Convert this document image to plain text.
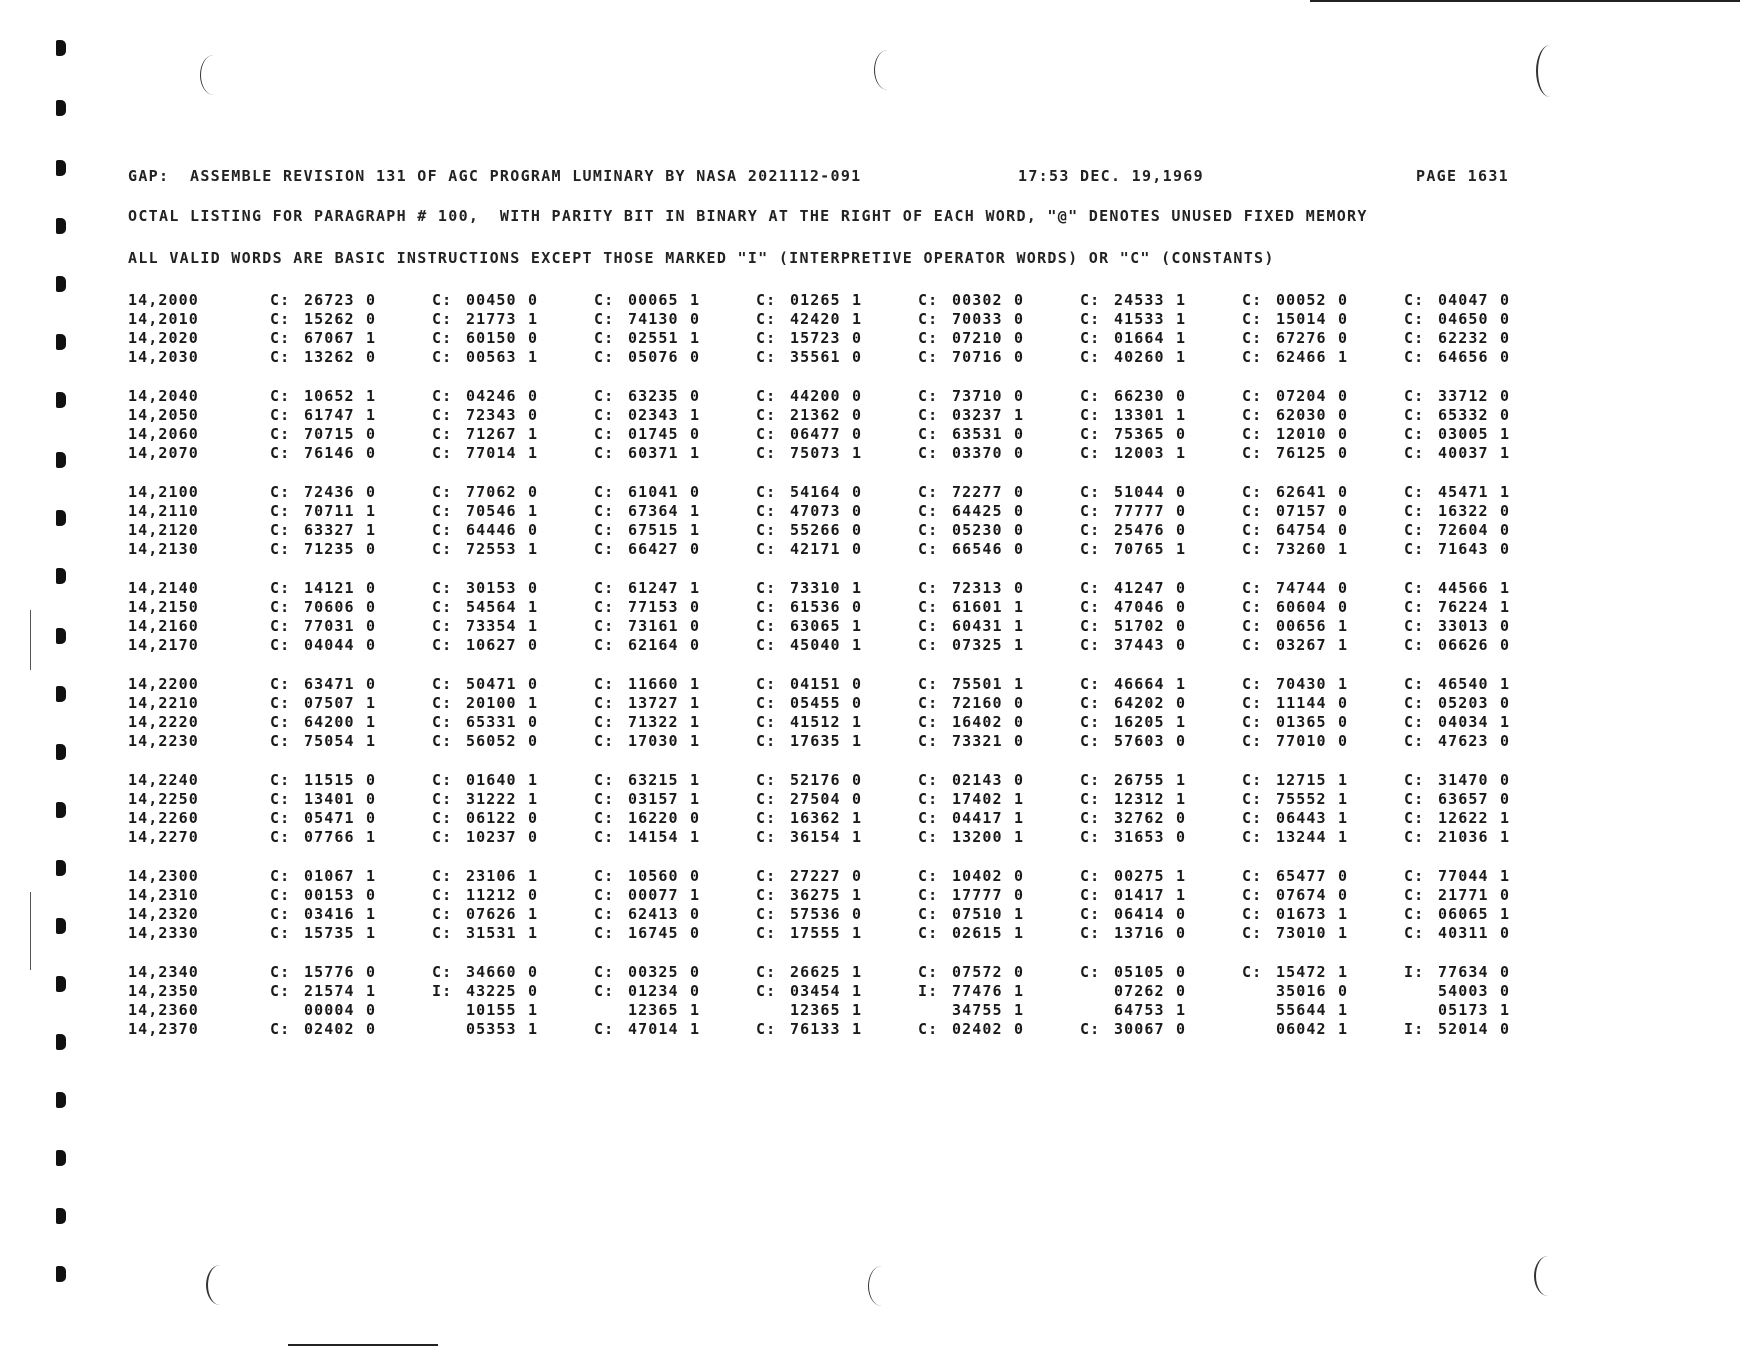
GAP:  ASSEMBLE REVISION 131 OF AGC PROGRAM LUMINARY BY NASA 2021112-091	17:53 DEC. 19,1969	PAGE 1631
OCTAL LISTING FOR PARAGRAPH # 100,  WITH PARITY BIT IN BINARY AT THE RIGHT OF EACH WORD, "@" DENOTES UNUSED FIXED MEMORY
ALL VALID WORDS ARE BASIC INSTRUCTIONS EXCEPT THOSE MARKED "I" (INTERPRETIVE OPERATOR WORDS) OR "C" (CONSTANTS)
14,2000	C: 26723 0	C: 00450 0	C: 00065 1	C: 01265 1	C: 00302 0	C: 24533 1	C: 00052 0	C: 04047 0
14,2010	C: 15262 0	C: 21773 1	C: 74130 0	C: 42420 1	C: 70033 0	C: 41533 1	C: 15014 0	C: 04650 0
14,2020	C: 67067 1	C: 60150 0	C: 02551 1	C: 15723 0	C: 07210 0	C: 01664 1	C: 67276 0	C: 62232 0
14,2030	C: 13262 0	C: 00563 1	C: 05076 0	C: 35561 0	C: 70716 0	C: 40260 1	C: 62466 1	C: 64656 0
14,2040	C: 10652 1	C: 04246 0	C: 63235 0	C: 44200 0	C: 73710 0	C: 66230 0	C: 07204 0	C: 33712 0
14,2050	C: 61747 1	C: 72343 0	C: 02343 1	C: 21362 0	C: 03237 1	C: 13301 1	C: 62030 0	C: 65332 0
14,2060	C: 70715 0	C: 71267 1	C: 01745 0	C: 06477 0	C: 63531 0	C: 75365 0	C: 12010 0	C: 03005 1
14,2070	C: 76146 0	C: 77014 1	C: 60371 1	C: 75073 1	C: 03370 0	C: 12003 1	C: 76125 0	C: 40037 1
14,2100	C: 72436 0	C: 77062 0	C: 61041 0	C: 54164 0	C: 72277 0	C: 51044 0	C: 62641 0	C: 45471 1
14,2110	C: 70711 1	C: 70546 1	C: 67364 1	C: 47073 0	C: 64425 0	C: 77777 0	C: 07157 0	C: 16322 0
14,2120	C: 63327 1	C: 64446 0	C: 67515 1	C: 55266 0	C: 05230 0	C: 25476 0	C: 64754 0	C: 72604 0
14,2130	C: 71235 0	C: 72553 1	C: 66427 0	C: 42171 0	C: 66546 0	C: 70765 1	C: 73260 1	C: 71643 0
14,2140	C: 14121 0	C: 30153 0	C: 61247 1	C: 73310 1	C: 72313 0	C: 41247 0	C: 74744 0	C: 44566 1
14,2150	C: 70606 0	C: 54564 1	C: 77153 0	C: 61536 0	C: 61601 1	C: 47046 0	C: 60604 0	C: 76224 1
14,2160	C: 77031 0	C: 73354 1	C: 73161 0	C: 63065 1	C: 60431 1	C: 51702 0	C: 00656 1	C: 33013 0
14,2170	C: 04044 0	C: 10627 0	C: 62164 0	C: 45040 1	C: 07325 1	C: 37443 0	C: 03267 1	C: 06626 0
14,2200	C: 63471 0	C: 50471 0	C: 11660 1	C: 04151 0	C: 75501 1	C: 46664 1	C: 70430 1	C: 46540 1
14,2210	C: 07507 1	C: 20100 1	C: 13727 1	C: 05455 0	C: 72160 0	C: 64202 0	C: 11144 0	C: 05203 0
14,2220	C: 64200 1	C: 65331 0	C: 71322 1	C: 41512 1	C: 16402 0	C: 16205 1	C: 01365 0	C: 04034 1
14,2230	C: 75054 1	C: 56052 0	C: 17030 1	C: 17635 1	C: 73321 0	C: 57603 0	C: 77010 0	C: 47623 0
14,2240	C: 11515 0	C: 01640 1	C: 63215 1	C: 52176 0	C: 02143 0	C: 26755 1	C: 12715 1	C: 31470 0
14,2250	C: 13401 0	C: 31222 1	C: 03157 1	C: 27504 0	C: 17402 1	C: 12312 1	C: 75552 1	C: 63657 0
14,2260	C: 05471 0	C: 06122 0	C: 16220 0	C: 16362 1	C: 04417 1	C: 32762 0	C: 06443 1	C: 12622 1
14,2270	C: 07766 1	C: 10237 0	C: 14154 1	C: 36154 1	C: 13200 1	C: 31653 0	C: 13244 1	C: 21036 1
14,2300	C: 01067 1	C: 23106 1	C: 10560 0	C: 27227 0	C: 10402 0	C: 00275 1	C: 65477 0	C: 77044 1
14,2310	C: 00153 0	C: 11212 0	C: 00077 1	C: 36275 1	C: 17777 0	C: 01417 1	C: 07674 0	C: 21771 0
14,2320	C: 03416 1	C: 07626 1	C: 62413 0	C: 57536 0	C: 07510 1	C: 06414 0	C: 01673 1	C: 06065 1
14,2330	C: 15735 1	C: 31531 1	C: 16745 0	C: 17555 1	C: 02615 1	C: 13716 0	C: 73010 1	C: 40311 0
14,2340	C: 15776 0	C: 34660 0	C: 00325 0	C: 26625 1	C: 07572 0	C: 05105 0	C: 15472 1	I: 77634 0
14,2350	C: 21574 1	I: 43225 0	C: 01234 0	C: 03454 1	I: 77476 1	07262 0	35016 0	54003 0
14,2360	00004 0	10155 1	12365 1	12365 1	34755 1	64753 1	55644 1	05173 1
14,2370	C: 02402 0	05353 1	C: 47014 1	C: 76133 1	C: 02402 0	C: 30067 0	06042 1	I: 52014 0
